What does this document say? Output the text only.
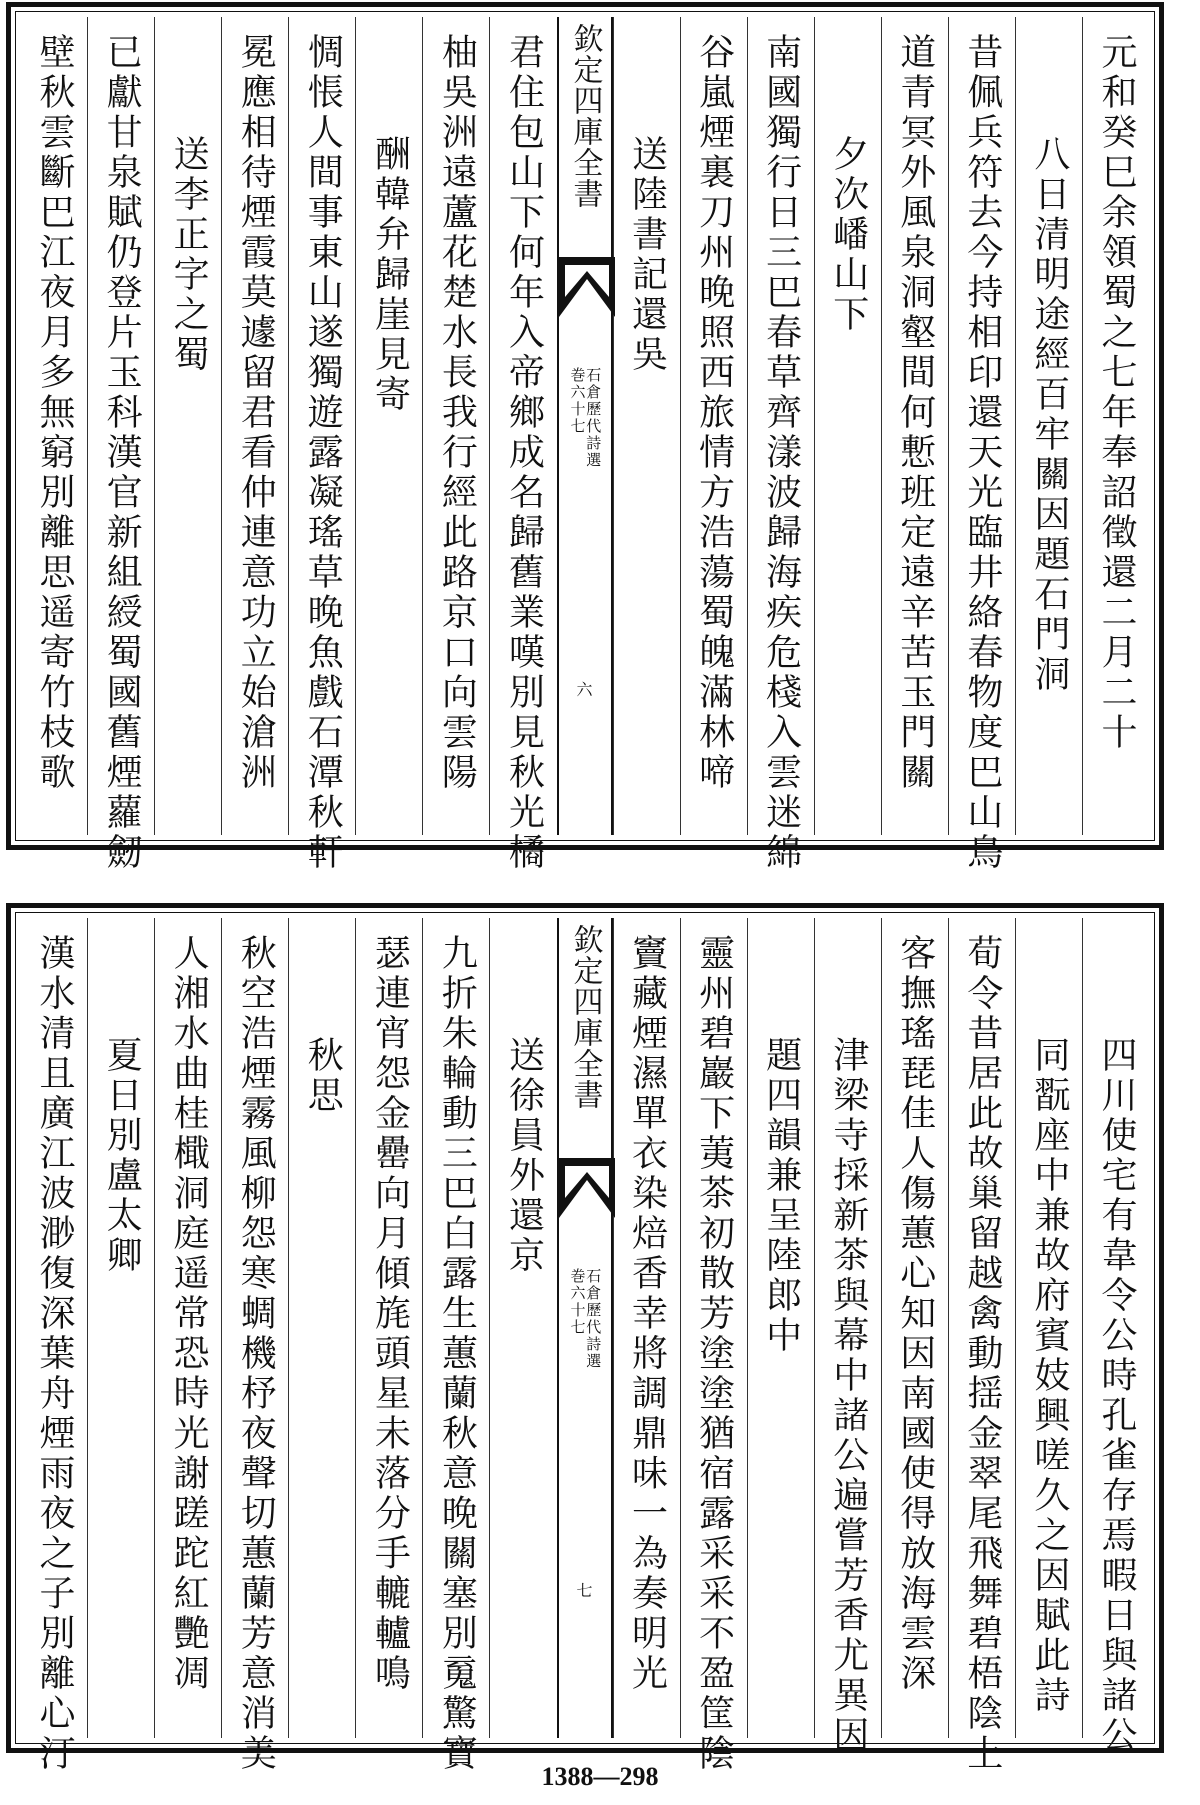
元和癸巳余領蜀之七年奉詔徵還二月二十
八日清明途經百牢關因題石門洞
昔佩兵符去今持相印還天光臨井絡春物度巴山鳥
道青冥外風泉洞壑間何慙班定遠辛苦玉門關
夕次嶓山下
南國獨行日三巴春草齊漾波歸海疾危棧入雲迷綿
谷嵐煙裏刀州晚照西旅情方浩蕩蜀魄滿林啼
送陸書記還吳
欽定四庫全書
石倉歷代詩選
巻六十七
六
君住包山下何年入帝鄉成名歸舊業嘆別見秋光橘
柚吳洲遠蘆花楚水長我行經此路京口向雲陽
酬韓弁歸崖見寄
惆悵人間事東山遂獨遊露凝瑤草晚魚戲石潭秋軒
冕應相待煙霞莫遽留君看仲連意功立始滄洲
送李正字之蜀
已獻甘泉賦仍登片玉科漢官新組綬蜀國舊煙蘿劒
壁秋雲斷巴江夜月多無窮別離思遥寄竹枝歌
四川使宅有韋令公時孔雀存焉暇日與諸公
同翫座中兼故府賓妓興嗟久之因賦此詩
荀令昔居此故巢留越禽動揺金翠尾飛舞碧梧陰上
客撫瑤琵佳人傷蕙心知因南國使得放海雲深
津梁寺採新茶與幕中諸公遍嘗芳香尤異因
題四韻兼呈陸郎中
靈州碧巖下荑茶初散芳塗塗猶宿露采采不盈筐陰
竇藏煙濕單衣染焙香幸將調鼎味一為奏明光
欽定四庫全書
石倉歷代詩選
巻六十七
七
送徐員外還京
九折朱輪動三巴白露生蕙蘭秋意晚關塞別䰟驚寶
瑟連宵怨金罍向月傾旄頭星未落分手轆轤鳴
秋思
秋空浩煙霧風柳怨寒蜩機杼夜聲切蕙蘭芳意消美
人湘水曲桂檝洞庭遥常恐時光謝蹉跎紅艷凋
夏日別盧太卿
漢水清且廣江波渺復深葉舟煙雨夜之子別離心汀
1388—298
